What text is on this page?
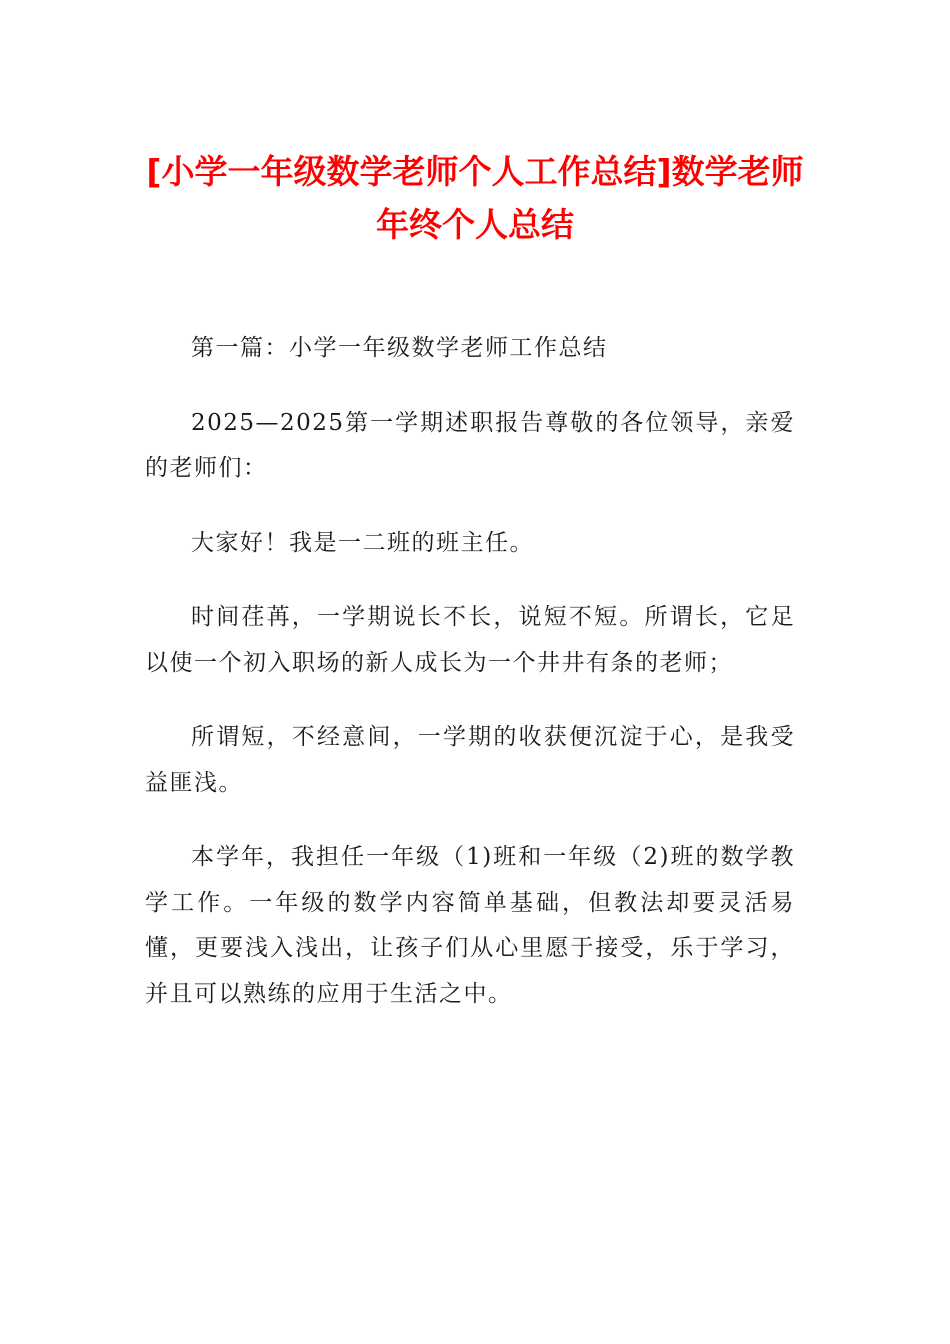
[小学一年级数学老师个人工作总结]数学老师年终个人总结

第一篇：小学一年级数学老师工作总结

2025—2025第一学期述职报告尊敬的各位领导，亲爱的老师们：

大家好！我是一二班的班主任。

时间荏苒，一学期说长不长，说短不短。所谓长，它足以使一个初入职场的新人成长为一个井井有条的老师；

所谓短，不经意间，一学期的收获便沉淀于心，是我受益匪浅。

本学年，我担任一年级（1)班和一年级（2)班的数学教学工作。一年级的数学内容简单基础，但教法却要灵活易懂，更要浅入浅出，让孩子们从心里愿于接受，乐于学习，并且可以熟练的应用于生活之中。
